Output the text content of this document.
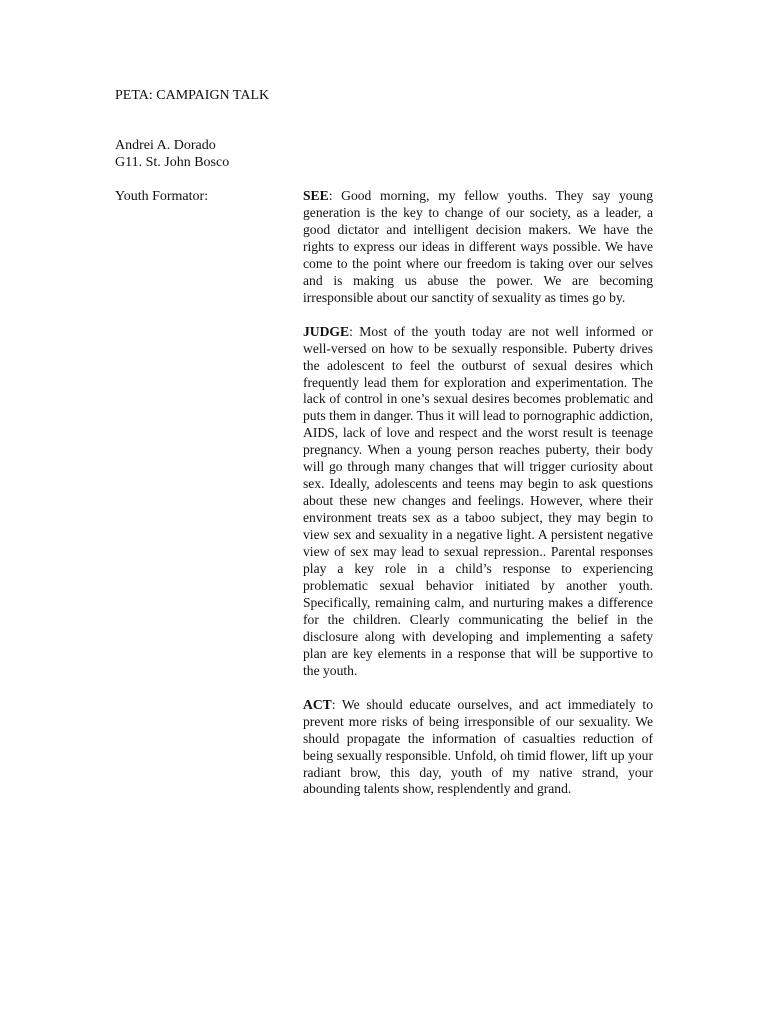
PETA: CAMPAIGN TALK
Andrei A. Dorado
G11. St. John Bosco
Youth Formator:	SEE: Good morning, my fellow youths. They say young generation is the key to change of our society, as a leader, a good dictator and intelligent decision makers. We have the rights to express our ideas in different ways possible. We have come to the point where our freedom is taking over our selves and is making us abuse the power. We are becoming irresponsible about our sanctity of sexuality as times go by.

JUDGE: Most of the youth today are not well informed or well-versed on how to be sexually responsible. Puberty drives the adolescent to feel the outburst of sexual desires which frequently lead them for exploration and experimentation. The lack of control in one’s sexual desires becomes problematic and puts them in danger. Thus it will lead to pornographic addiction, AIDS, lack of love and respect and the worst result is teenage pregnancy. When a young person reaches puberty, their body will go through many changes that will trigger curiosity about sex. Ideally, adolescents and teens may begin to ask questions about these new changes and feelings. However, where their environment treats sex as a taboo subject, they may begin to view sex and sexuality in a negative light. A persistent negative view of sex may lead to sexual repression.. Parental responses play a key role in a child’s response to experiencing problematic sexual behavior initiated by another youth. Specifically, remaining calm, and nurturing makes a difference for the children. Clearly communicating the belief in the disclosure along with developing and implementing a safety plan are key elements in a response that will be supportive to the youth.

ACT: We should educate ourselves, and act immediately to prevent more risks of being irresponsible of our sexuality. We should propagate the information of casualties reduction of being sexually responsible. Unfold, oh timid flower, lift up your radiant brow, this day, youth of my native strand, your abounding talents show, resplendently and grand.
